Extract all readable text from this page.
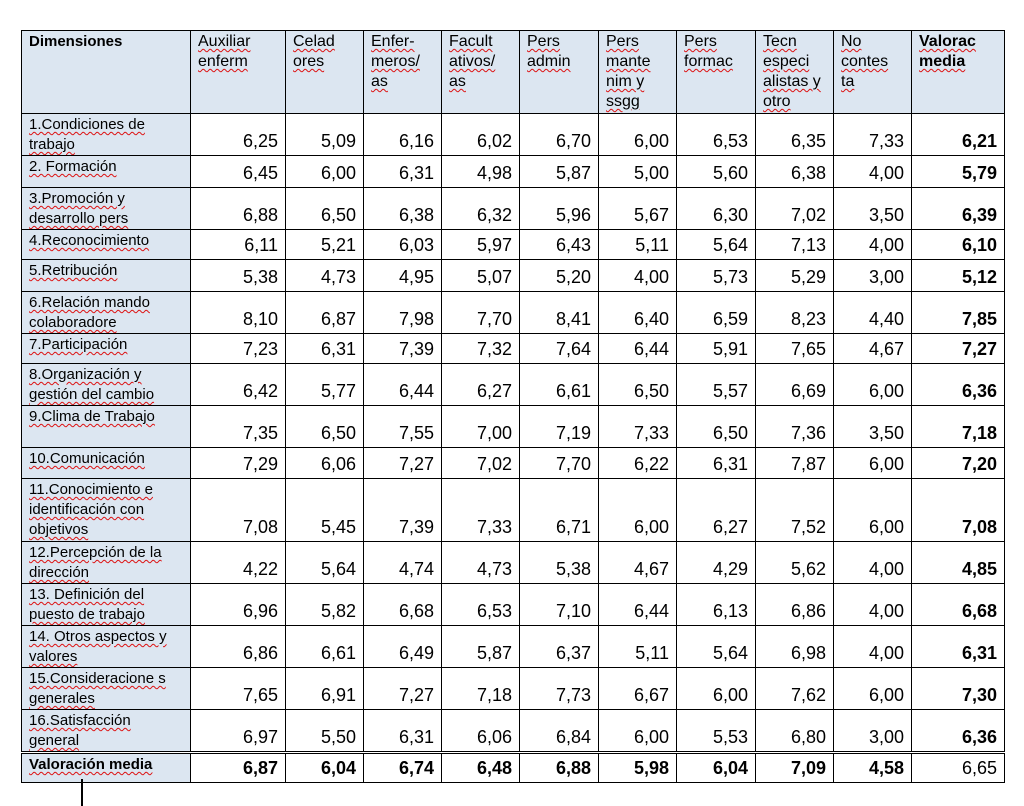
Dimensiones	Auxiliar enferm	Celad ores	Enfer-meros/ as	Facult ativos/ as	Pers admin	Pers mante nim y ssgg	Pers formac	Tecn especi alistas y otro	No contes ta	Valorac media
1.Condiciones de trabajo	6,25	5,09	6,16	6,02	6,70	6,00	6,53	6,35	7,33	6,21
2. Formación	6,45	6,00	6,31	4,98	5,87	5,00	5,60	6,38	4,00	5,79
3.Promoción y desarrollo pers	6,88	6,50	6,38	6,32	5,96	5,67	6,30	7,02	3,50	6,39
4.Reconocimiento	6,11	5,21	6,03	5,97	6,43	5,11	5,64	7,13	4,00	6,10
5.Retribución	5,38	4,73	4,95	5,07	5,20	4,00	5,73	5,29	3,00	5,12
6.Relación mando colaboradore	8,10	6,87	7,98	7,70	8,41	6,40	6,59	8,23	4,40	7,85
7.Participación	7,23	6,31	7,39	7,32	7,64	6,44	5,91	7,65	4,67	7,27
8.Organización y gestión del cambio	6,42	5,77	6,44	6,27	6,61	6,50	5,57	6,69	6,00	6,36
9.Clima de Trabajo	7,35	6,50	7,55	7,00	7,19	7,33	6,50	7,36	3,50	7,18
10.Comunicación	7,29	6,06	7,27	7,02	7,70	6,22	6,31	7,87	6,00	7,20
11.Conocimiento e identificación con objetivos	7,08	5,45	7,39	7,33	6,71	6,00	6,27	7,52	6,00	7,08
12.Percepción de la dirección	4,22	5,64	4,74	4,73	5,38	4,67	4,29	5,62	4,00	4,85
13. Definición del puesto de trabajo	6,96	5,82	6,68	6,53	7,10	6,44	6,13	6,86	4,00	6,68
14. Otros aspectos y valores	6,86	6,61	6,49	5,87	6,37	5,11	5,64	6,98	4,00	6,31
15.Consideracione s generales	7,65	6,91	7,27	7,18	7,73	6,67	6,00	7,62	6,00	7,30
16.Satisfacción general	6,97	5,50	6,31	6,06	6,84	6,00	5,53	6,80	3,00	6,36
Valoración media	6,87	6,04	6,74	6,48	6,88	5,98	6,04	7,09	4,58	6,65
